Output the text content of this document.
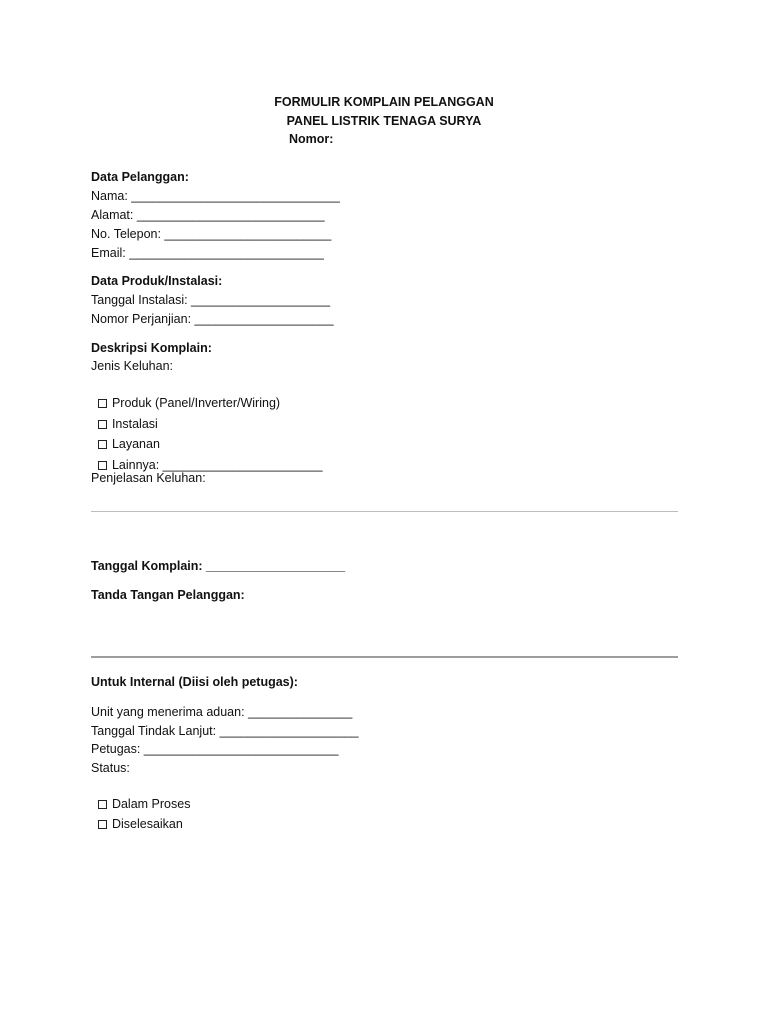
FORMULIR KOMPLAIN PELANGGAN
PANEL LISTRIK TENAGA SURYA
Nomor:
Data Pelanggan:
Nama: ______________________________
Alamat: ___________________________
No. Telepon: ________________________
Email: ____________________________
Data Produk/Instalasi:
Tanggal Instalasi: ____________________
Nomor Perjanjian: ____________________
Deskripsi Komplain:
Jenis Keluhan:

Produk (Panel/Inverter/Wiring)

Instalasi

Layanan

Lainnya: _______________________

Penjelasan Keluhan:
Tanggal Komplain: ____________________
Tanda Tangan Pelanggan:
Untuk Internal (Diisi oleh petugas):
Unit yang menerima aduan: _______________
Tanggal Tindak Lanjut: ____________________
Petugas: ____________________________
Status:

Dalam Proses

Diselesaikan
